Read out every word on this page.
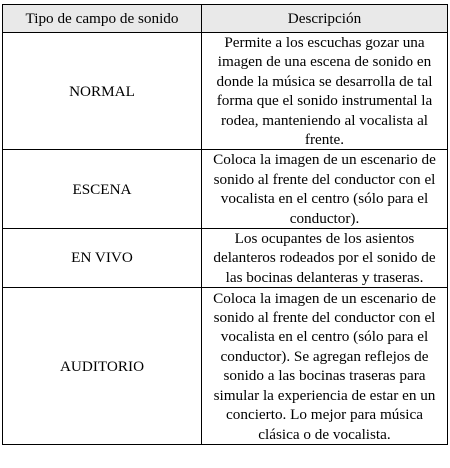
Tipo de campo de sonido	Descripción
NORMAL	Permite a los escuchas gozar una imagen de una escena de sonido en donde la música se desarrolla de tal forma que el sonido instrumental la rodea, manteniendo al vocalista al frente.
ESCENA	Coloca la imagen de un escenario de sonido al frente del conductor con el vocalista en el centro (sólo para el conductor).
EN VIVO	Los ocupantes de los asientos delanteros rodeados por el sonido de las bocinas delanteras y traseras.
AUDITORIO	Coloca la imagen de un escenario de sonido al frente del conductor con el vocalista en el centro (sólo para el conductor). Se agregan reflejos de sonido a las bocinas traseras para simular la experiencia de estar en un concierto. Lo mejor para música clásica o de vocalista.
